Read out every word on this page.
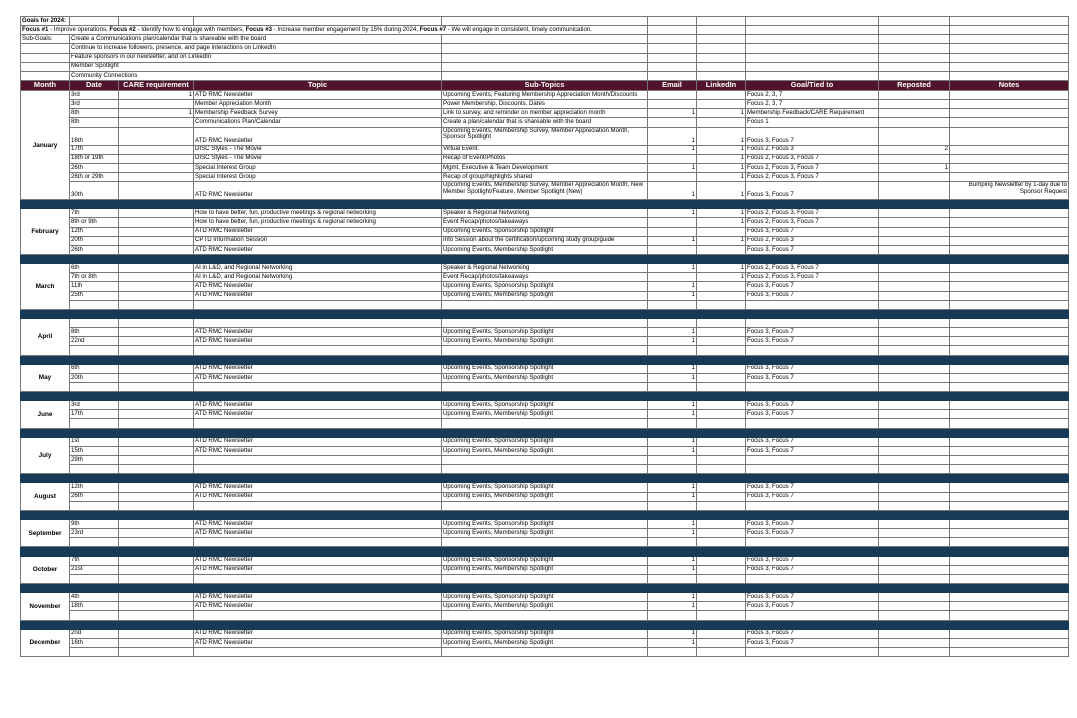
Goals for 2024:									
Focus #1 - Improve operations, Focus #2 - Identify how to engage with members, Focus #3 - Increase member engagement by 15% during 2024, Focus #7 - We will engage in consistent, timely communication.									
Sub-Goals:	Create a Communications plan/calendar that is shareable with the board								
	Continue to increase followers, presence, and page interactions on LinkedIn								
	Feature sponsors in our newsletter, and on LinkedIn								
	Member Spotlight								
	Community Connections								
Month	Date	CARE requirement	Topic	Sub-Topics	Email	LinkedIn	Goal/Tied to	Reposted	Notes
January	3rd	1	ATD RMC Newsletter	Upcoming Events, Featuring Membership Appreciation Month/Discounts			Focus 2, 3, 7		
	3rd		Member Appreciation Month	Power Membership, Discounts, Dates			Focus 2, 3, 7		
	8th	1	Membership Feedback Survey	Link to survey, and reminder on member appreciation month	1	1	Membership Feedback/CARE Requirement		
	8th		Communications Plan/Calendar	Create a plan/calendar that is shareable with the board			Focus 1		
	16th		ATD RMC Newsletter	Upcoming Events, Membership Survey, Member Appreciation Month, Sponsor Spotlight	1	1	Focus 3, Focus 7		
	17th		DISC Styles - The Movie	Virtual Event.	1	1	Focus 2, Focus 3	2	
	18th or 19th		DISC Styles - The Movie	Recap of Event/Photos		1	Focus 2, Focus 3, Focus 7		
	26th		Special Interest Group	Mgmt, Executive & Team Development	1	1	Focus 2, Focus 3, Focus 7	1	
	26th or 29th		Special Interest Group	Recap of group/highlights shared		1	Focus 2, Focus 3, Focus 7		
	30th		ATD RMC Newsletter	Upcoming Events, Membership Survey, Member Appreciation Month, New Member Spotlight/Feature, Member Spotlight (New)	1	1	Focus 3, Focus 7		Bumping Newsletter by 1-day due to Sponsor Request

February	7th		How to have better, fun, productive meetings & regional networking	Speaker & Regional Networking	1	1	Focus 2, Focus 3, Focus 7		
	8th or 9th		How to have better, fun, productive meetings & regional networking	Event Recap/photos/takeaways		1	Focus 2, Focus 3, Focus 7		
	12th		ATD RMC Newsletter	Upcoming Events, Sponsorship Spotlight			Focus 3, Focus 7		
	20th		CPTD Information Session	Info Session about the certification/upcoming study group/guide	1	1	Focus 2, Focus 3		
	26th		ATD RMC Newsletter	Upcoming Events, Membership Spotlight			Focus 3, Focus 7		

March	6th		AI in L&D, and Regional Networking	Speaker & Regional Networking	1	1	Focus 2, Focus 3, Focus 7		
	7th or 8th		AI in L&D, and Regional Networking	Event Recap/photos/takeaways		1	Focus 2, Focus 3, Focus 7		
	11th		ATD RMC Newsletter	Upcoming Events, Sponsorship Spotlight	1		Focus 3, Focus 7		
	25th		ATD RMC Newsletter	Upcoming Events, Membership Spotlight	1		Focus 3, Focus 7		

April									
	8th		ATD RMC Newsletter	Upcoming Events, Sponsorship Spotlight	1		Focus 3, Focus 7		
	22nd		ATD RMC Newsletter	Upcoming Events, Membership Spotlight	1		Focus 3, Focus 7		

May	6th		ATD RMC Newsletter	Upcoming Events, Sponsorship Spotlight	1		Focus 3, Focus 7		
	20th		ATD RMC Newsletter	Upcoming Events, Membership Spotlight	1		Focus 3, Focus 7		

June	3rd		ATD RMC Newsletter	Upcoming Events, Sponsorship Spotlight	1		Focus 3, Focus 7		
	17th		ATD RMC Newsletter	Upcoming Events, Membership Spotlight	1		Focus 3, Focus 7		

July	1st		ATD RMC Newsletter	Upcoming Events, Sponsorship Spotlight	1		Focus 3, Focus 7		
	15th		ATD RMC Newsletter	Upcoming Events, Membership Spotlight	1		Focus 3, Focus 7		
	29th								

August	12th		ATD RMC Newsletter	Upcoming Events, Sponsorship Spotlight	1		Focus 3, Focus 7		
	26th		ATD RMC Newsletter	Upcoming Events, Membership Spotlight	1		Focus 3, Focus 7		

September	9th		ATD RMC Newsletter	Upcoming Events, Sponsorship Spotlight	1		Focus 3, Focus 7		
	23rd		ATD RMC Newsletter	Upcoming Events, Membership Spotlight	1		Focus 3, Focus 7		

October	7th		ATD RMC Newsletter	Upcoming Events, Sponsorship Spotlight	1		Focus 3, Focus 7		
	21st		ATD RMC Newsletter	Upcoming Events, Membership Spotlight	1		Focus 3, Focus 7		

November	4th		ATD RMC Newsletter	Upcoming Events, Sponsorship Spotlight	1		Focus 3, Focus 7		
	18th		ATD RMC Newsletter	Upcoming Events, Membership Spotlight	1		Focus 3, Focus 7		

December	2nd		ATD RMC Newsletter	Upcoming Events, Sponsorship Spotlight	1		Focus 3, Focus 7		
	16th		ATD RMC Newsletter	Upcoming Events, Membership Spotlight	1		Focus 3, Focus 7		
